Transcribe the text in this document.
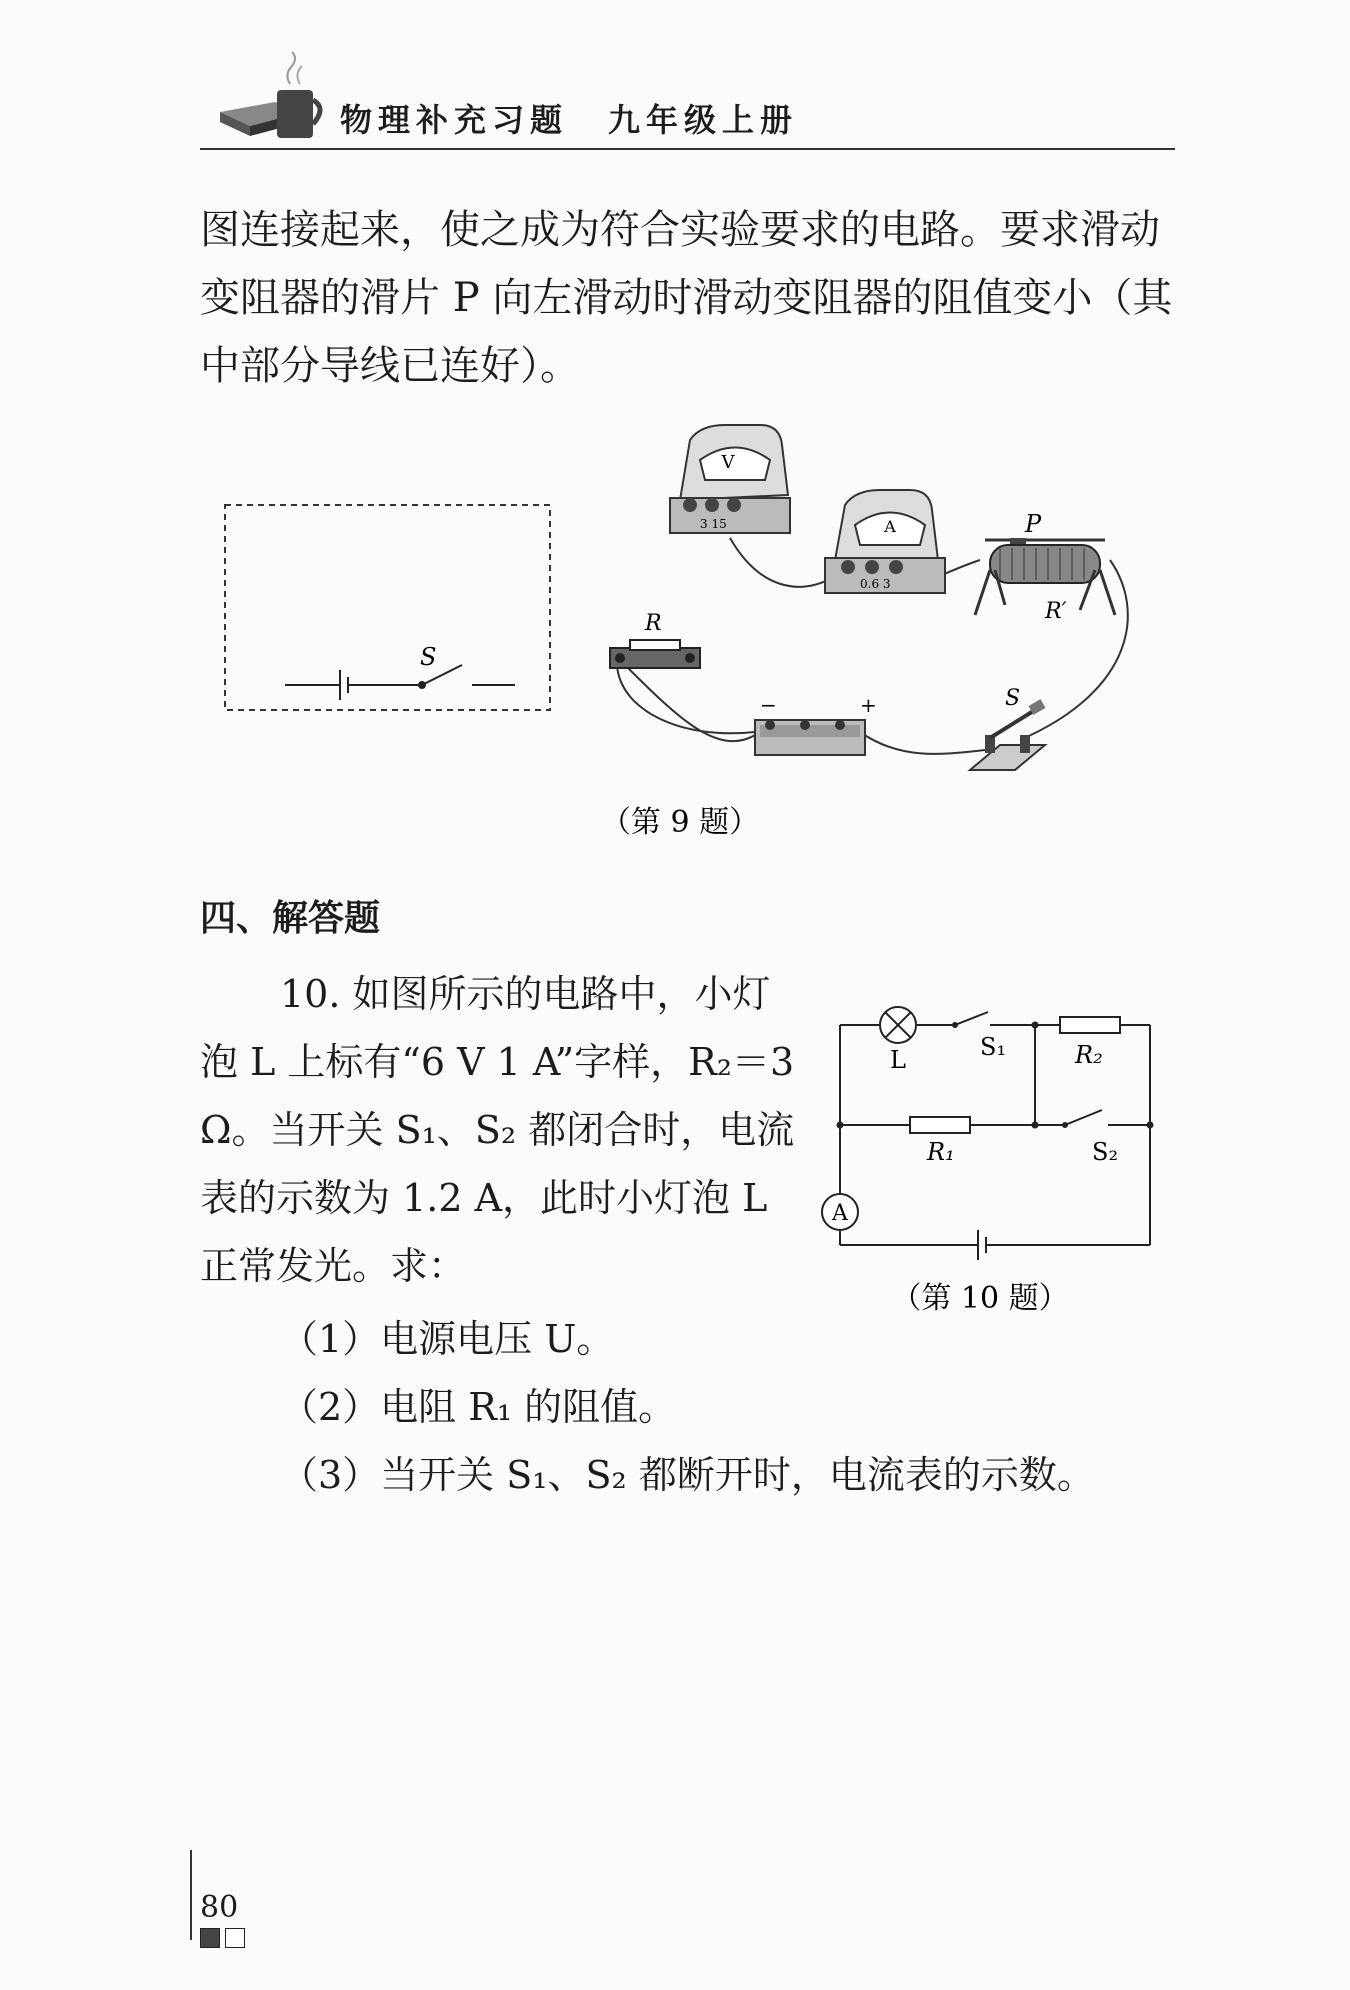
物理补充习题 九年级上册
图连接起来，使之成为符合实验要求的电路。要求滑动变阻器的滑片 P 向左滑动时滑动变阻器的阻值变小（其中部分导线已连好）。
S
V
3 15	A
0.6 3
P
R′
R
−	+	S
（第 9 题）
四、解答题
10. 如图所示的电路中，小灯泡 L 上标有“6 V 1 A”字样，R₂＝3 Ω。当开关 S₁、S₂ 都闭合时，电流表的示数为 1.2 A，此时小灯泡 L 正常发光。求：
（1）电源电压 U。
（2）电阻 R₁ 的阻值。
（3）当开关 S₁、S₂ 都断开时，电流表的示数。
A
L	S₁	R₂
R₁	S₂
（第 10 题）
80
